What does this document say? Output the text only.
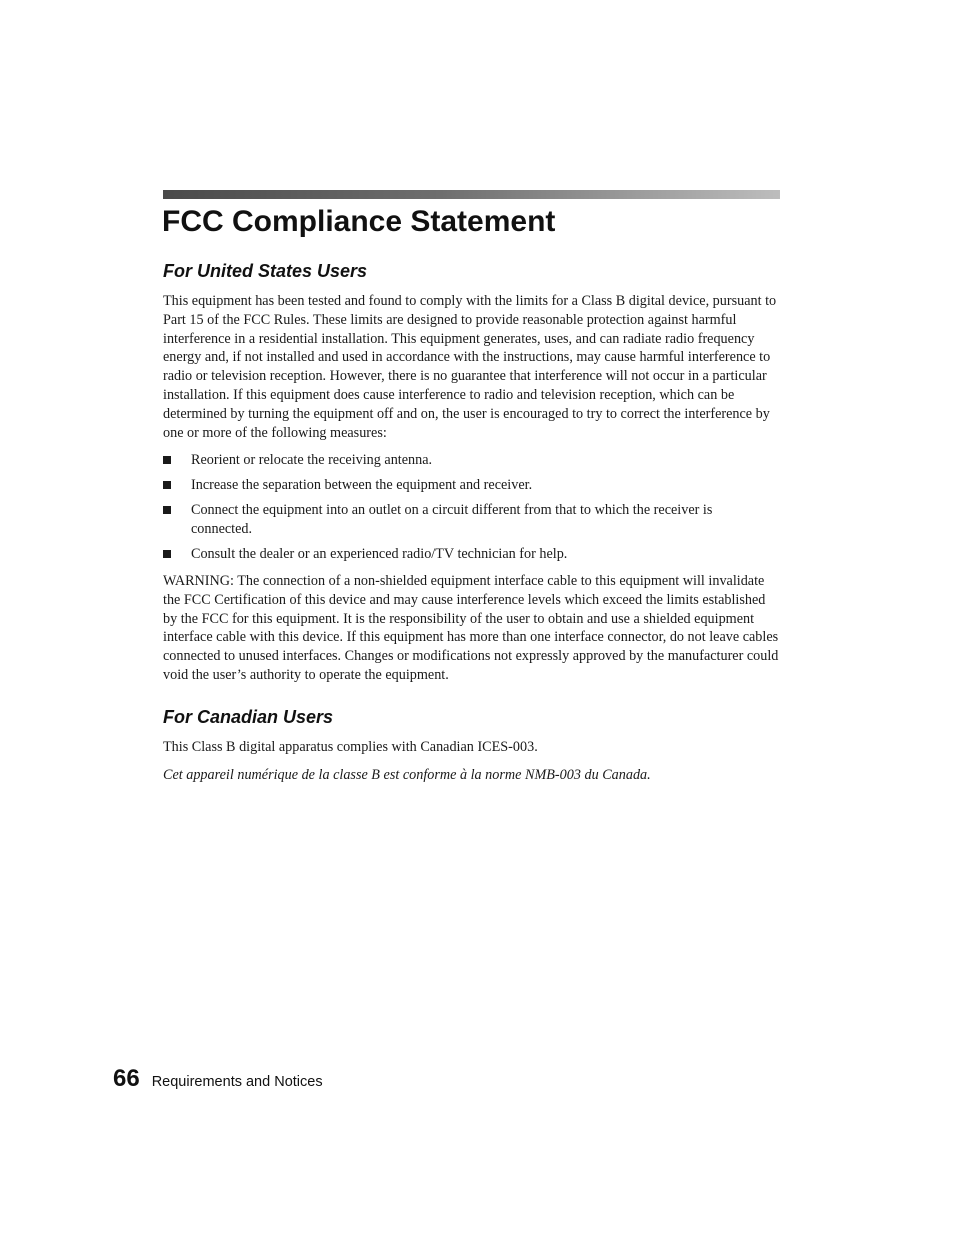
FCC Compliance Statement
For United States Users

This equipment has been tested and found to comply with the limits for a Class B digital device, pursuant to Part 15 of the FCC Rules. These limits are designed to provide reasonable protection against harmful interference in a residential installation. This equipment generates, uses, and can radiate radio frequency energy and, if not installed and used in accordance with the instructions, may cause harmful interference to radio or television reception. However, there is no guarantee that interference will not occur in a particular installation. If this equipment does cause interference to radio and television reception, which can be determined by turning the equipment off and on, the user is encouraged to try to correct the interference by one or more of the following measures:

Reorient or relocate the receiving antenna.
Increase the separation between the equipment and receiver.
Connect the equipment into an outlet on a circuit different from that to which the receiver is connected.
Consult the dealer or an experienced radio/TV technician for help.

WARNING: The connection of a non-shielded equipment interface cable to this equipment will invalidate the FCC Certification of this device and may cause interference levels which exceed the limits established by the FCC for this equipment. It is the responsibility of the user to obtain and use a shielded equipment interface cable with this device. If this equipment has more than one interface connector, do not leave cables connected to unused interfaces. Changes or modifications not expressly approved by the manufacturer could void the user’s authority to operate the equipment.

For Canadian Users

This Class B digital apparatus complies with Canadian ICES-003.

Cet appareil numérique de la classe B est conforme à la norme NMB-003 du Canada.

66 Requirements and Notices
